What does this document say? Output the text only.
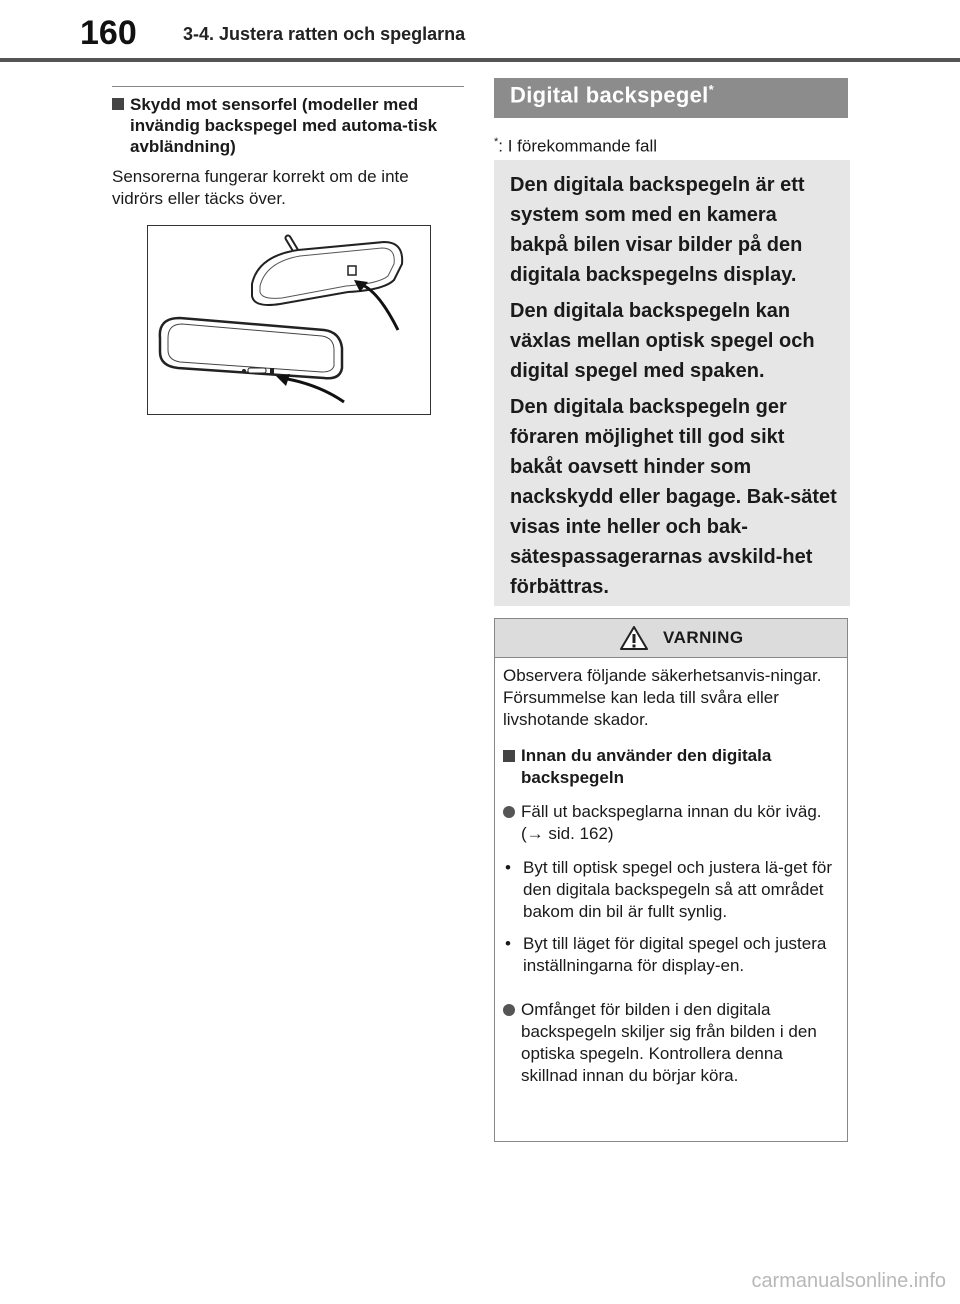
160	3-4. Justera ratten och speglarna
Skydd mot sensorfel (modeller med invändig backspegel med automa-tisk avbländning)
Sensorerna fungerar korrekt om de inte vidrörs eller täcks över.
Digital backspegel*
*: I förekommande fall

Den digitala backspegeln är ett system som med en kamera bakpå bilen visar bilder på den digitala backspegelns display.

Den digitala backspegeln kan växlas mellan optisk spegel och digital spegel med spaken.

Den digitala backspegeln ger föraren möjlighet till god sikt bakåt oavsett hinder som nackskydd eller bagage. Bak-sätet visas inte heller och bak-sätespassagerarnas avskild-het förbättras.

VARNING

Observera följande säkerhetsanvis-ningar. Försummelse kan leda till svåra eller livshotande skador.

Innan du använder den digitala backspegeln
Fäll ut backspeglarna innan du kör iväg. (→ sid. 162)
• Byt till optisk spegel och justera lä-get för den digitala backspegeln så att området bakom din bil är fullt synlig.
• Byt till läget för digital spegel och justera inställningarna för display-en.
Omfånget för bilden i den digitala backspegeln skiljer sig från bilden i den optiska spegeln. Kontrollera denna skillnad innan du börjar köra.
carmanualsonline.info
